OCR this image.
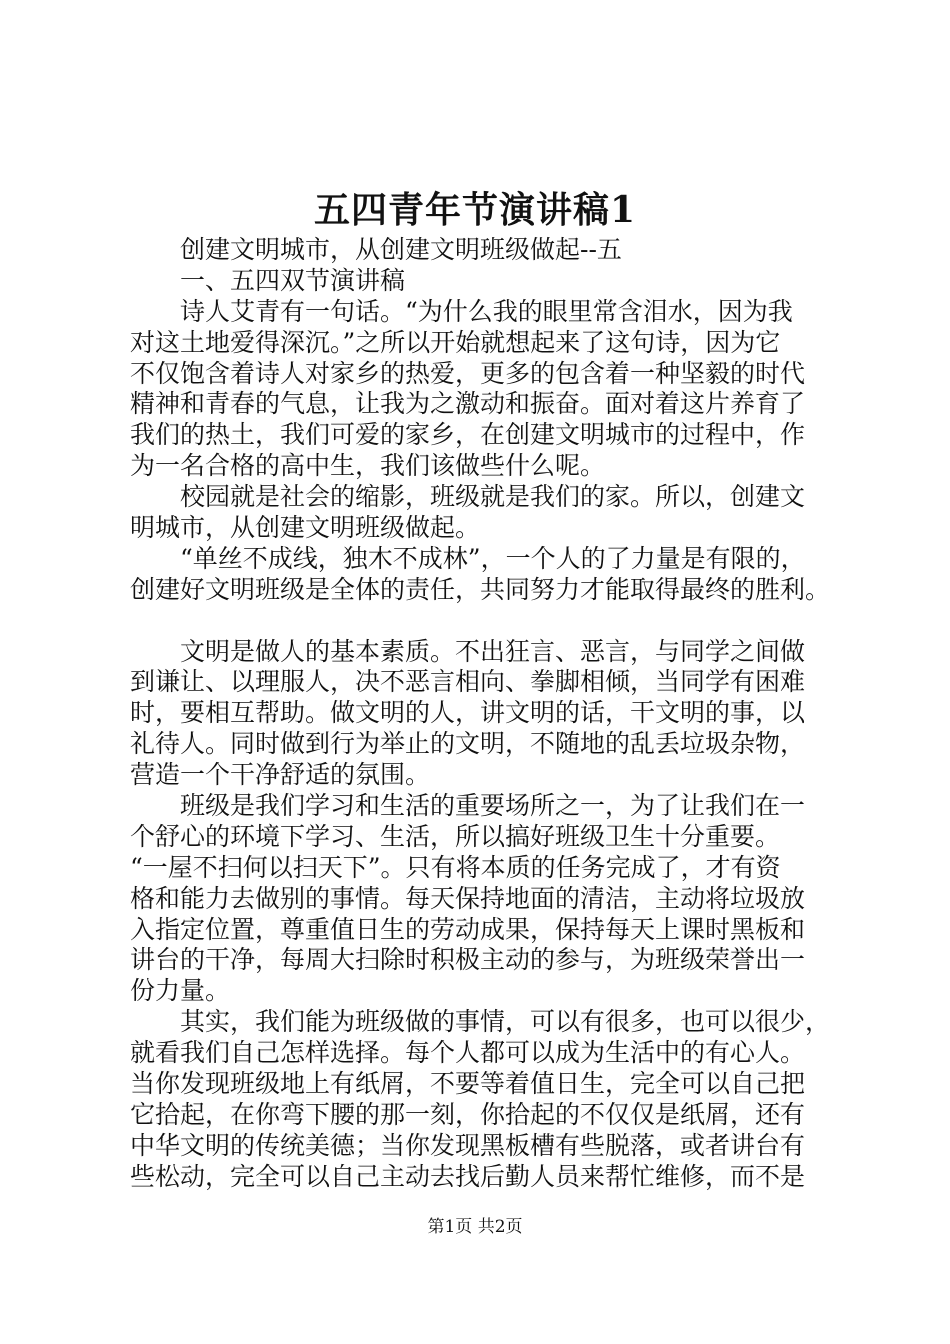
五四青年节演讲稿1
创建文明城市，从创建文明班级做起--五
一、五四双节演讲稿
诗人艾青有一句话。“为什么我的眼里常含泪水，因为我
对这土地爱得深沉。”之所以开始就想起来了这句诗，因为它
不仅饱含着诗人对家乡的热爱，更多的包含着一种坚毅的时代
精神和青春的气息，让我为之激动和振奋。面对着这片养育了
我们的热土，我们可爱的家乡，在创建文明城市的过程中，作
为一名合格的高中生，我们该做些什么呢。
校园就是社会的缩影，班级就是我们的家。所以，创建文
明城市，从创建文明班级做起。
“单丝不成线，独木不成林”，一个人的了力量是有限的，
创建好文明班级是全体的责任，共同努力才能取得最终的胜利。
文明是做人的基本素质。不出狂言、恶言，与同学之间做
到谦让、以理服人，决不恶言相向、拳脚相倾，当同学有困难
时，要相互帮助。做文明的人，讲文明的话，干文明的事，以
礼待人。同时做到行为举止的文明，不随地的乱丢垃圾杂物，
营造一个干净舒适的氛围。
班级是我们学习和生活的重要场所之一，为了让我们在一
个舒心的环境下学习、生活，所以搞好班级卫生十分重要。
“一屋不扫何以扫天下”。只有将本质的任务完成了，才有资
格和能力去做别的事情。每天保持地面的清洁，主动将垃圾放
入指定位置，尊重值日生的劳动成果，保持每天上课时黑板和
讲台的干净，每周大扫除时积极主动的参与，为班级荣誉出一
份力量。
其实，我们能为班级做的事情，可以有很多，也可以很少，
就看我们自己怎样选择。每个人都可以成为生活中的有心人。
当你发现班级地上有纸屑，不要等着值日生，完全可以自己把
它拾起，在你弯下腰的那一刻，你拾起的不仅仅是纸屑，还有
中华文明的传统美德；当你发现黑板槽有些脱落，或者讲台有
些松动，完全可以自己主动去找后勤人员来帮忙维修，而不是
第1页 共2页
